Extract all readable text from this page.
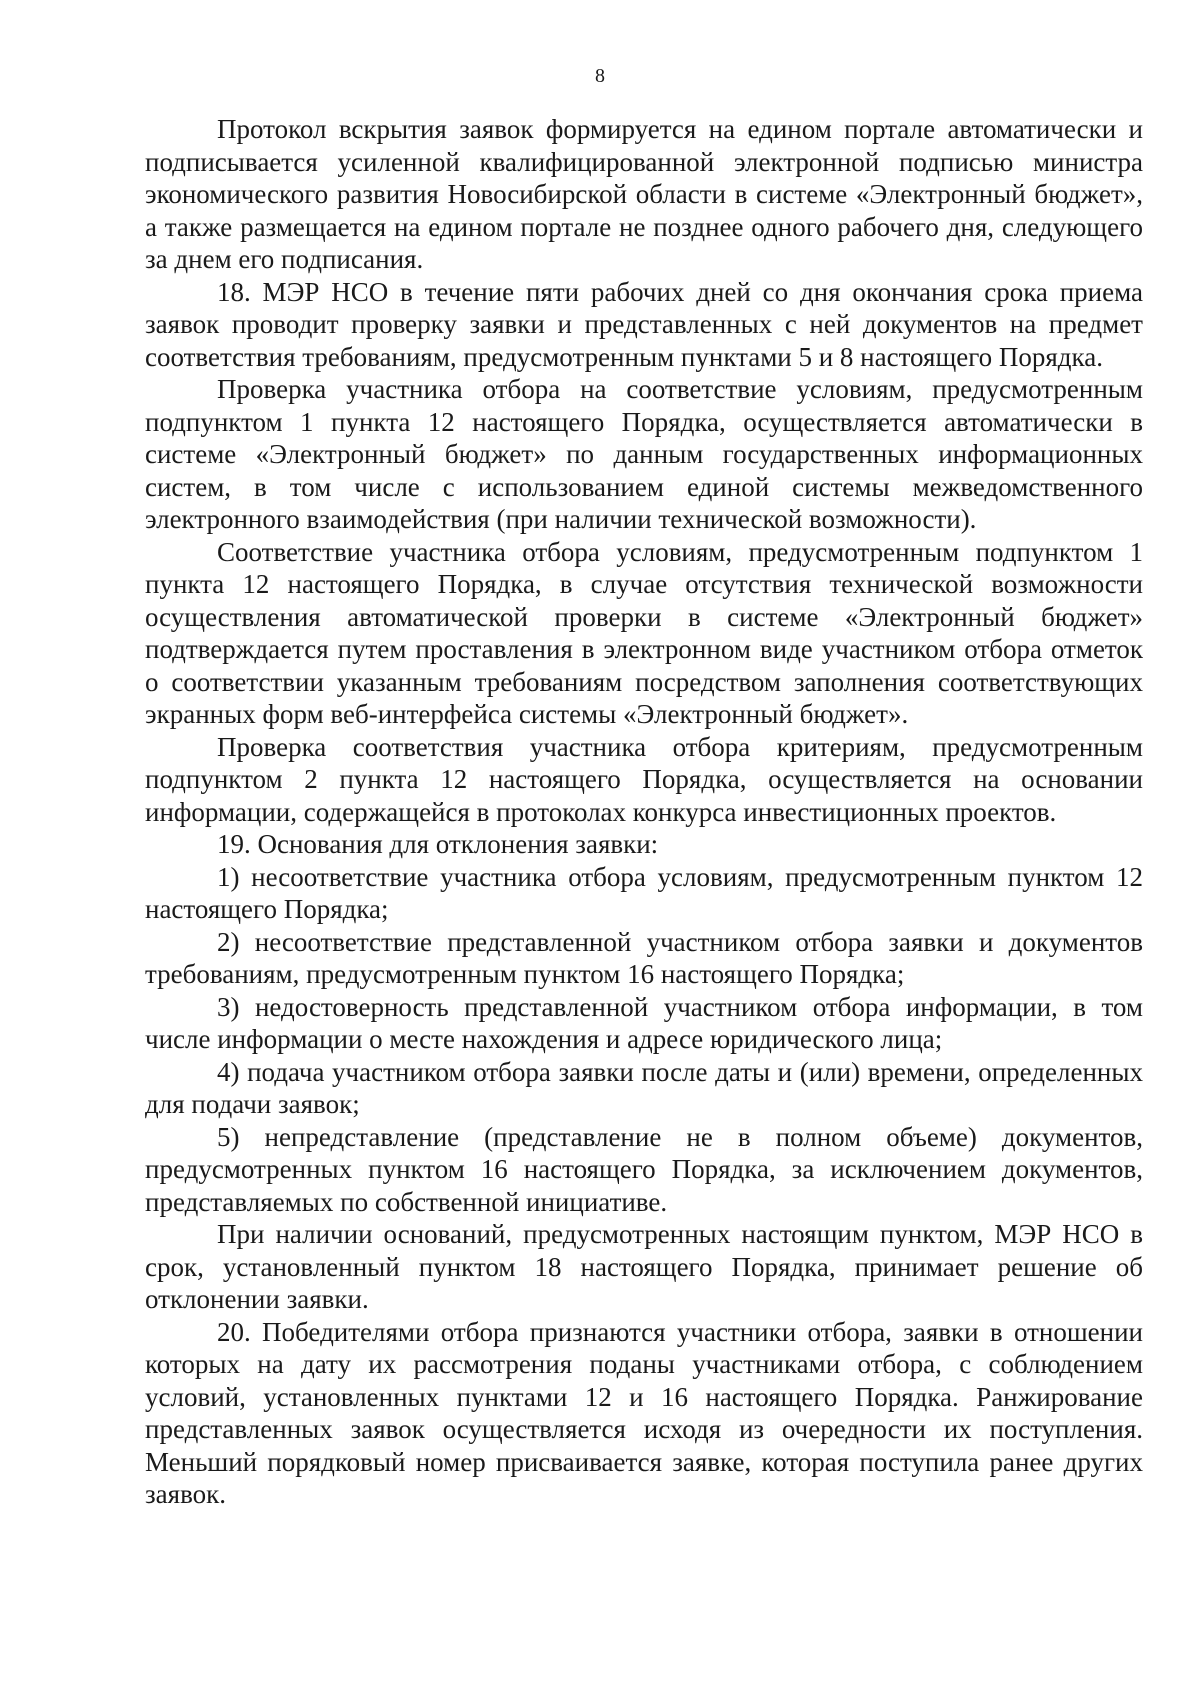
8

Протокол вскрытия заявок формируется на едином портале автоматически и подписывается усиленной квалифицированной электронной подписью министра экономического развития Новосибирской области в системе «Электронный бюджет», а также размещается на едином портале не позднее одного рабочего дня, следующего за днем его подписания.

18. МЭР НСО в течение пяти рабочих дней со дня окончания срока приема заявок проводит проверку заявки и представленных с ней документов на предмет соответствия требованиям, предусмотренным пунктами 5 и 8 настоящего Порядка.

Проверка участника отбора на соответствие условиям, предусмотренным подпунктом 1 пункта 12 настоящего Порядка, осуществляется автоматически в системе «Электронный бюджет» по данным государственных информационных систем, в том числе с использованием единой системы межведомственного электронного взаимодействия (при наличии технической возможности).

Соответствие участника отбора условиям, предусмотренным подпунктом 1 пункта 12 настоящего Порядка, в случае отсутствия технической возможности осуществления автоматической проверки в системе «Электронный бюджет» подтверждается путем проставления в электронном виде участником отбора отметок о соответствии указанным требованиям посредством заполнения соответствующих экранных форм веб-интерфейса системы «Электронный бюджет».

Проверка соответствия участника отбора критериям, предусмотренным подпунктом 2 пункта 12 настоящего Порядка, осуществляется на основании информации, содержащейся в протоколах конкурса инвестиционных проектов.

19. Основания для отклонения заявки:

1) несоответствие участника отбора условиям, предусмотренным пунктом 12 настоящего Порядка;

2) несоответствие представленной участником отбора заявки и документов требованиям, предусмотренным пунктом 16 настоящего Порядка;

3) недостоверность представленной участником отбора информации, в том числе информации о месте нахождения и адресе юридического лица;

4) подача участником отбора заявки после даты и (или) времени, определенных для подачи заявок;

5) непредставление (представление не в полном объеме) документов, предусмотренных пунктом 16 настоящего Порядка, за исключением документов, представляемых по собственной инициативе.

При наличии оснований, предусмотренных настоящим пунктом, МЭР НСО в срок, установленный пунктом 18 настоящего Порядка, принимает решение об отклонении заявки.

20. Победителями отбора признаются участники отбора, заявки в отношении которых на дату их рассмотрения поданы участниками отбора, с соблюдением условий, установленных пунктами 12 и 16 настоящего Порядка. Ранжирование представленных заявок осуществляется исходя из очередности их поступления. Меньший порядковый номер присваивается заявке, которая поступила ранее других заявок.
